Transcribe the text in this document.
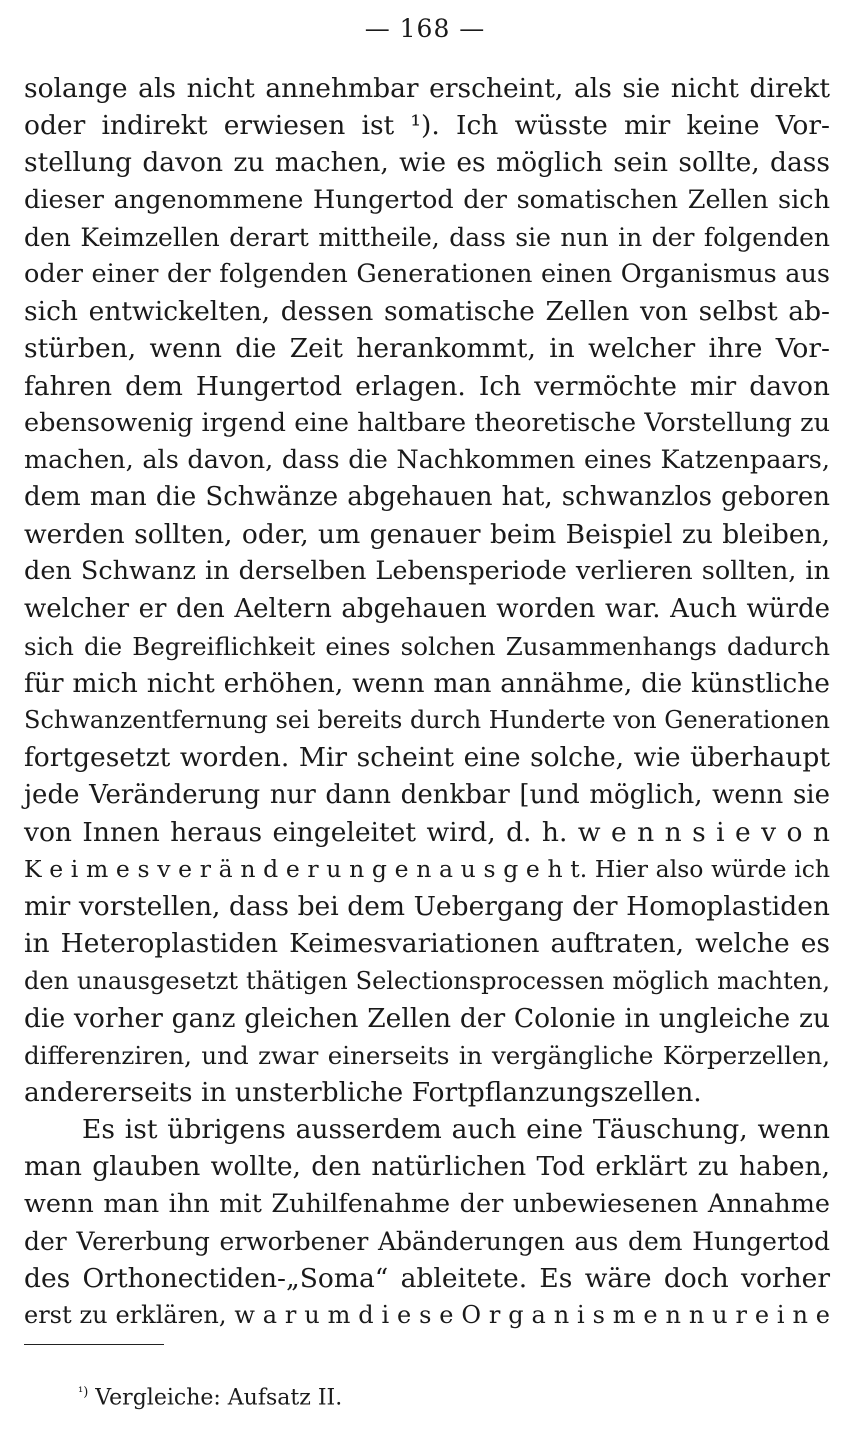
— 168 —
solange als nicht annehmbar erscheint, als sie nicht direkt
oder indirekt erwiesen ist ¹). Ich wüsste mir keine Vor-
stellung davon zu machen, wie es möglich sein sollte, dass
dieser angenommene Hungertod der somatischen Zellen sich
den Keimzellen derart mittheile, dass sie nun in der folgenden
oder einer der folgenden Generationen einen Organismus aus
sich entwickelten, dessen somatische Zellen von selbst ab-
stürben, wenn die Zeit herankommt, in welcher ihre Vor-
fahren dem Hungertod erlagen. Ich vermöchte mir davon
ebensowenig irgend eine haltbare theoretische Vorstellung zu
machen, als davon, dass die Nachkommen eines Katzenpaars,
dem man die Schwänze abgehauen hat, schwanzlos geboren
werden sollten, oder, um genauer beim Beispiel zu bleiben,
den Schwanz in derselben Lebensperiode verlieren sollten, in
welcher er den Aeltern abgehauen worden war. Auch würde
sich die Begreiflichkeit eines solchen Zusammenhangs dadurch
für mich nicht erhöhen, wenn man annähme, die künstliche
Schwanzentfernung sei bereits durch Hunderte von Generationen
fortgesetzt worden. Mir scheint eine solche, wie überhaupt
jede Veränderung nur dann denkbar [und möglich, wenn sie
von Innen heraus eingeleitet wird, d. h. w e n n s i e v o n
K e i m e s v e r ä n d e r u n g e n a u s g e h t. Hier also würde ich
mir vorstellen, dass bei dem Uebergang der Homoplastiden
in Heteroplastiden Keimesvariationen auftraten, welche es
den unausgesetzt thätigen Selectionsprocessen möglich machten,
die vorher ganz gleichen Zellen der Colonie in ungleiche zu
differenziren, und zwar einerseits in vergängliche Körperzellen,
andererseits in unsterbliche Fortpflanzungszellen.
Es ist übrigens ausserdem auch eine Täuschung, wenn
man glauben wollte, den natürlichen Tod erklärt zu haben,
wenn man ihn mit Zuhilfenahme der unbewiesenen Annahme
der Vererbung erworbener Abänderungen aus dem Hungertod
des Orthonectiden-„Soma“ ableitete. Es wäre doch vorher
erst zu erklären, w a r u m d i e s e O r g a n i s m e n n u r e i n e
$^{^1)}$ Vergleiche: Aufsatz II.
